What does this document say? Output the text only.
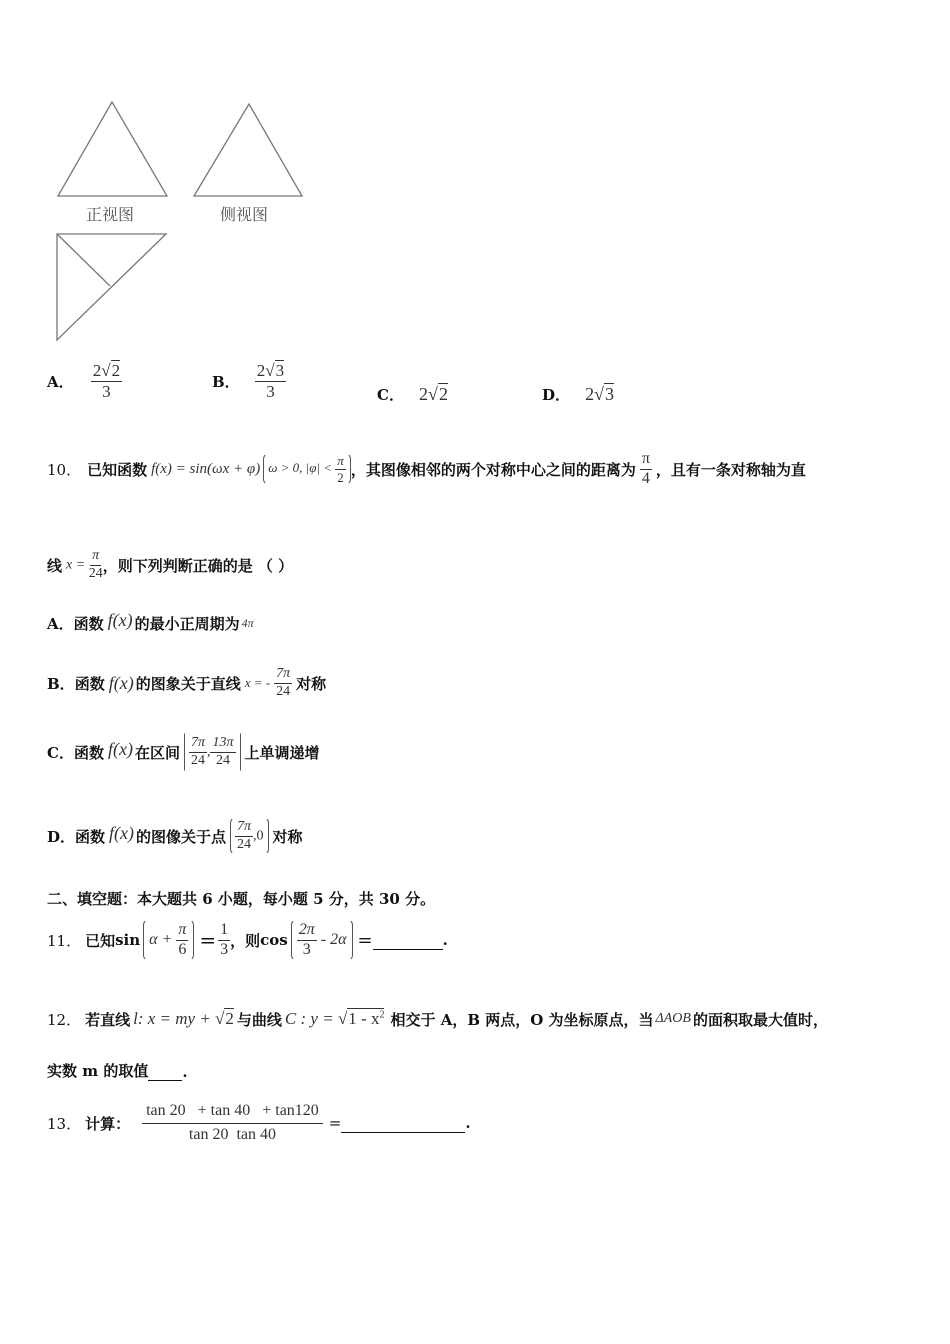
正视图	侧视图
A． $\frac{2√2}{3}$	B． $\frac{2√3}{3}$	C． 2√2	D． 2√3
10． 已知函数 f(x) = sin(ωx + φ) ω > 0, $|\varphi| < \frac{\pi}{2}$ ，其图像相邻的两个对称中心之间的距离为 $\frac{\pi}{4}$ ，且有一条对称轴为直
线 $x = \frac{\pi}{24}$ ，则下列判断正确的是 （ ）
A． 函数 f(x) 的最小正周期为 4π
B． 函数 f(x) 的图象关于直线 x = - $\frac{7\pi}{24}$ 对称
C． 函数 f(x) 在区间 $\frac{7\pi}{24}$ , $\frac{13\pi}{24}$ 上单调递增
D． 函数 f(x) 的图像关于点 $\frac{7\pi}{24} ,0$ 对称
二、填空题：本大题共 6 小题，每小题 5 分，共 30 分。
11． 已知 $\sin \alpha + \frac{\pi}{6} = \frac{1}{3}$ ，则 $\cos \frac{2\pi}{3} - 2\alpha$ =	.
12． 若直线 l: x = my + √2 与曲线 C : $y = √1 - x^2$ 相交于 A，B 两点，O 为坐标原点，当 ΔAOB 的面积取最大值时，
实数 m 的取值 .
13． 计算： $\frac{\tan 20 + \tan 40 + \tan 120}{\tan 20 \tan 40}$ =	.
